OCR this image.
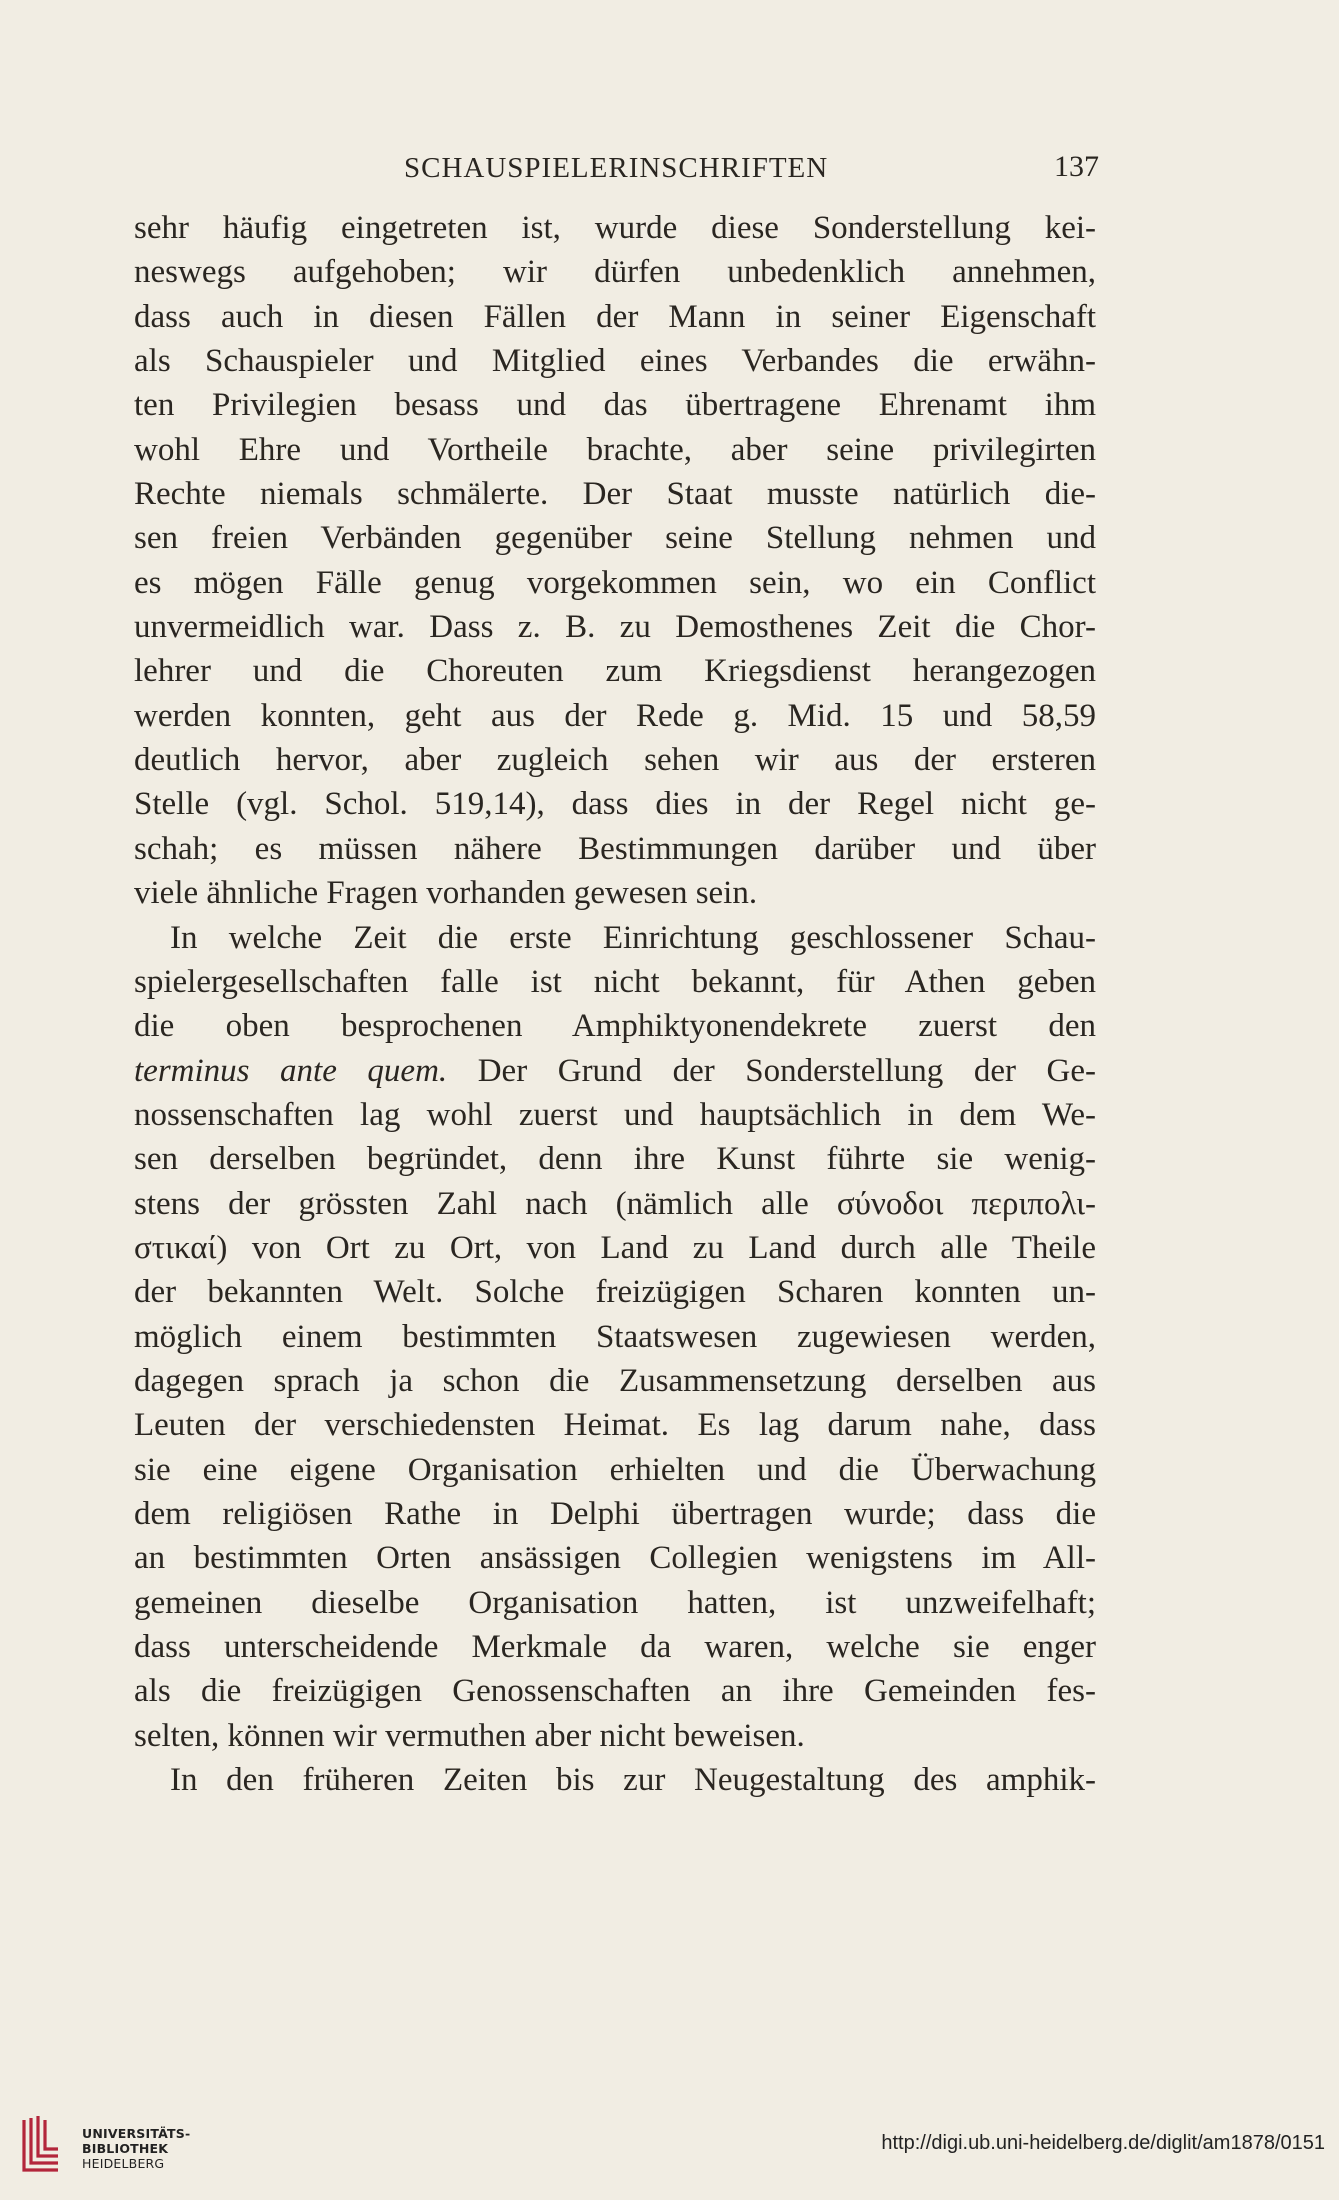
SCHAUSPIELERINSCHRIFTEN	137
sehr häufig eingetreten ist, wurde diese Sonderstellung kei-
neswegs aufgehoben; wir dürfen unbedenklich annehmen,
dass auch in diesen Fällen der Mann in seiner Eigenschaft
als Schauspieler und Mitglied eines Verbandes die erwähn-
ten Privilegien besass und das übertragene Ehrenamt ihm
wohl Ehre und Vortheile brachte, aber seine privilegirten
Rechte niemals schmälerte. Der Staat musste natürlich die-
sen freien Verbänden gegenüber seine Stellung nehmen und
es mögen Fälle genug vorgekommen sein, wo ein Conflict
unvermeidlich war. Dass z. B. zu Demosthenes Zeit die Chor-
lehrer und die Choreuten zum Kriegsdienst herangezogen
werden konnten, geht aus der Rede g. Mid. 15 und 58,59
deutlich hervor, aber zugleich sehen wir aus der ersteren
Stelle (vgl. Schol. 519,14), dass dies in der Regel nicht ge-
schah; es müssen nähere Bestimmungen darüber und über
viele ähnliche Fragen vorhanden gewesen sein.
In welche Zeit die erste Einrichtung geschlossener Schau-
spielergesellschaften falle ist nicht bekannt, für Athen geben
die oben besprochenen Amphiktyonendekrete zuerst den
terminus ante quem. Der Grund der Sonderstellung der Ge-
nossenschaften lag wohl zuerst und hauptsächlich in dem We-
sen derselben begründet, denn ihre Kunst führte sie wenig-
stens der grössten Zahl nach (nämlich alle σύνοδοι περιπολι-
στικαί) von Ort zu Ort, von Land zu Land durch alle Theile
der bekannten Welt. Solche freizügigen Scharen konnten un-
möglich einem bestimmten Staatswesen zugewiesen werden,
dagegen sprach ja schon die Zusammensetzung derselben aus
Leuten der verschiedensten Heimat. Es lag darum nahe, dass
sie eine eigene Organisation erhielten und die Überwachung
dem religiösen Rathe in Delphi übertragen wurde; dass die
an bestimmten Orten ansässigen Collegien wenigstens im All-
gemeinen dieselbe Organisation hatten, ist unzweifelhaft;
dass unterscheidende Merkmale da waren, welche sie enger
als die freizügigen Genossenschaften an ihre Gemeinden fes-
selten, können wir vermuthen aber nicht beweisen.
In den früheren Zeiten bis zur Neugestaltung des amphik-
UNIVERSITÄTS-
BIBLIOTHEK
HEIDELBERG
http://digi.ub.uni-heidelberg.de/diglit/am1878/0151
